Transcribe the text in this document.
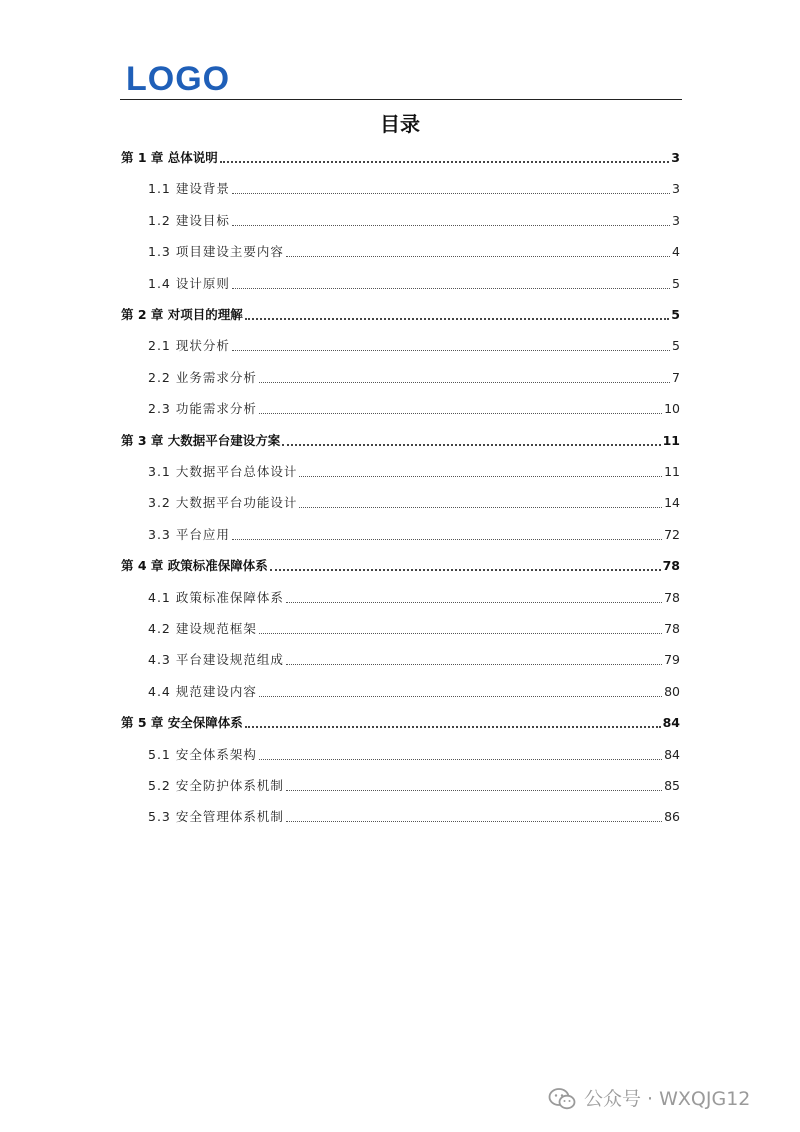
LOGO
目录
第 1 章 总体说明	3
1.1 建设背景	3
1.2 建设目标	3
1.3 项目建设主要内容	4
1.4 设计原则	5
第 2 章 对项目的理解	5
2.1 现状分析	5
2.2 业务需求分析	7
2.3 功能需求分析	10
第 3 章 大数据平台建设方案	11
3.1 大数据平台总体设计	11
3.2 大数据平台功能设计	14
3.3 平台应用	72
第 4 章 政策标准保障体系	78
4.1 政策标准保障体系	78
4.2 建设规范框架	78
4.3 平台建设规范组成	79
4.4 规范建设内容	80
第 5 章 安全保障体系	84
5.1 安全体系架构	84
5.2 安全防护体系机制	85
5.3 安全管理体系机制	86
公众号 · WXQJG12
